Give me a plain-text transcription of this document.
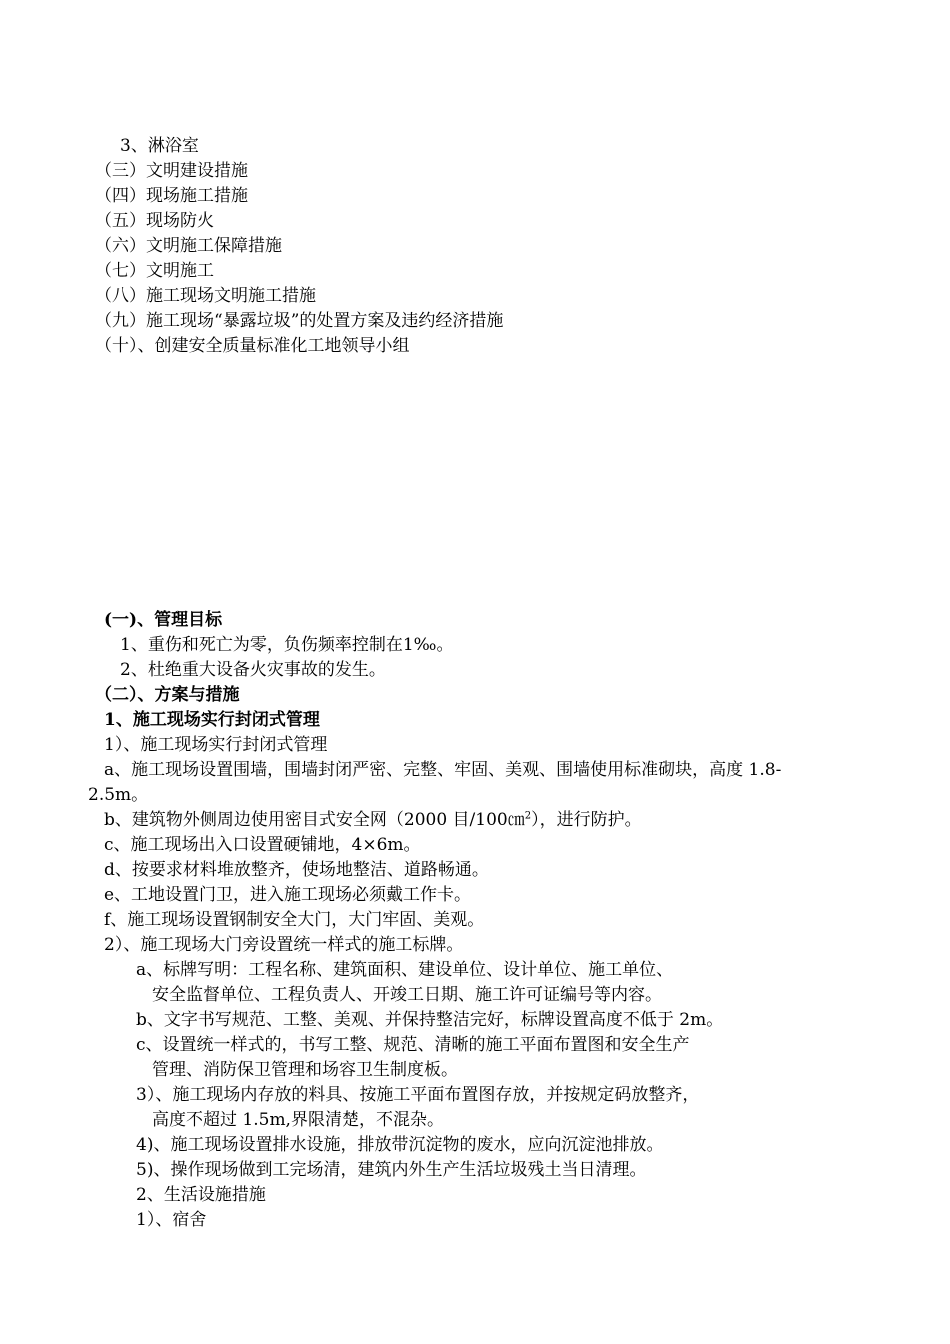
3、淋浴室
（三）文明建设措施
（四）现场施工措施
（五）现场防火
（六）文明施工保障措施
（七）文明施工
（八）施工现场文明施工措施
（九）施工现场“暴露垃圾”的处置方案及违约经济措施
（十）、创建安全质量标准化工地领导小组
(一)、管理目标
1、重伤和死亡为零，负伤频率控制在1‰。
2、杜绝重大设备火灾事故的发生。
（二）、方案与措施
1、施工现场实行封闭式管理
1）、施工现场实行封闭式管理
a、施工现场设置围墙，围墙封闭严密、完整、牢固、美观、围墙使用标准砌块，高度 1.8-
2.5m。
b、建筑物外侧周边使用密目式安全网（2000 目/100㎝$^2$），进行防护。
c、施工现场出入口设置硬铺地，4×6m。
d、按要求材料堆放整齐，使场地整洁、道路畅通。
e、工地设置门卫，进入施工现场必须戴工作卡。
f、施工现场设置钢制安全大门，大门牢固、美观。
2）、施工现场大门旁设置统一样式的施工标牌。
a、标牌写明：工程名称、建筑面积、建设单位、设计单位、施工单位、
安全监督单位、工程负责人、开竣工日期、施工许可证编号等内容。
b、文字书写规范、工整、美观、并保持整洁完好，标牌设置高度不低于 2m。
c、设置统一样式的，书写工整、规范、清晰的施工平面布置图和安全生产
管理、消防保卫管理和场容卫生制度板。
3）、施工现场内存放的料具、按施工平面布置图存放，并按规定码放整齐，
高度不超过 1.5m,界限清楚，不混杂。
4)、施工现场设置排水设施，排放带沉淀物的废水，应向沉淀池排放。
5)、操作现场做到工完场清，建筑内外生产生活垃圾残土当日清理。
2、生活设施措施
1）、宿舍
